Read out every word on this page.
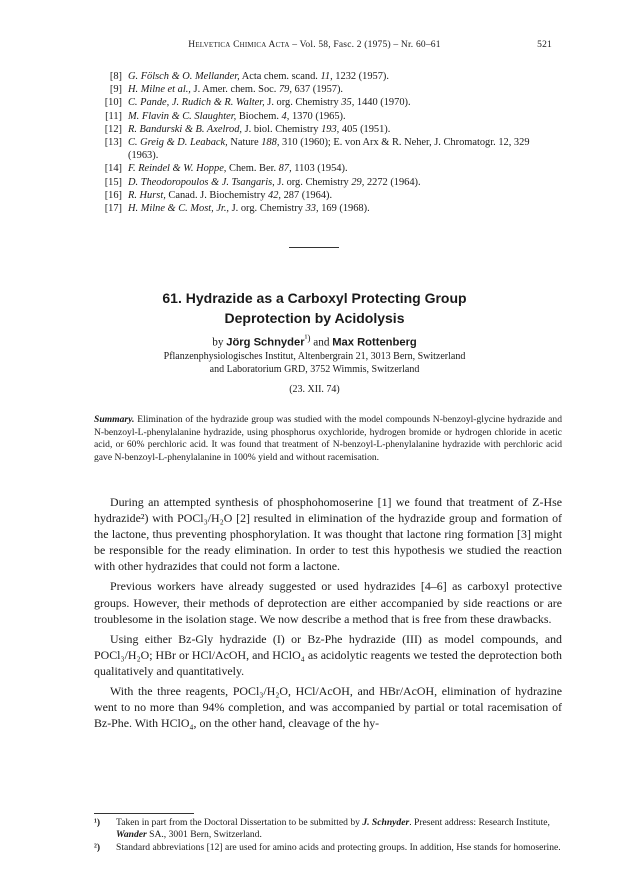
Helvetica Chimica Acta – Vol. 58, Fasc. 2 (1975) – Nr. 60–61	521
[8] G. Fölsch & O. Mellander, Acta chem. scand. 11, 1232 (1957).
[9] H. Milne et al., J. Amer. chem. Soc. 79, 637 (1957).
[10] C. Pande, J. Rudich & R. Walter, J. org. Chemistry 35, 1440 (1970).
[11] M. Flavin & C. Slaughter, Biochem. 4, 1370 (1965).
[12] R. Bandurski & B. Axelrod, J. biol. Chemistry 193, 405 (1951).
[13] C. Greig & D. Leaback, Nature 188, 310 (1960); E. von Arx & R. Neher, J. Chromatogr. 12, 329 (1963).
[14] F. Reindel & W. Hoppe, Chem. Ber. 87, 1103 (1954).
[15] D. Theodoropoulos & J. Tsangaris, J. org. Chemistry 29, 2272 (1964).
[16] R. Hurst, Canad. J. Biochemistry 42, 287 (1964).
[17] H. Milne & C. Most, Jr., J. org. Chemistry 33, 169 (1968).
61. Hydrazide as a Carboxyl Protecting Group
Deprotection by Acidolysis
by Jörg Schnyder$^{^1)}$ and Max Rottenberg
Pflanzenphysiologisches Institut, Altenbergrain 21, 3013 Bern, Switzerland
and Laboratorium GRD, 3752 Wimmis, Switzerland
(23. XII. 74)
Summary. Elimination of the hydrazide group was studied with the model compounds N-benzoyl-glycine hydrazide and N-benzoyl-L-phenylalanine hydrazide, using phosphorus oxychloride, hydrogen bromide or hydrogen chloride in acetic acid, or 60% perchloric acid. It was found that treatment of N-benzoyl-L-phenylalanine hydrazide with perchloric acid gave N-benzoyl-L-phenylalanine in 100% yield and without racemisation.

During an attempted synthesis of phosphohomoserine [1] we found that treatment of Z-Hse hydrazide²) with POCl₃/H₂O [2] resulted in elimination of the hydrazide group and formation of the lactone, thus preventing phosphorylation. It was thought that lactone ring formation [3] might be responsible for the ready elimination. In order to test this hypothesis we studied the reaction with other hydrazides that could not form a lactone.

Previous workers have already suggested or used hydrazides [4–6] as carboxyl protective groups. However, their methods of deprotection are either accompanied by side reactions or are troublesome in the isolation stage. We now describe a method that is free from these drawbacks.

Using either Bz-Gly hydrazide (I) or Bz-Phe hydrazide (III) as model compounds, and POCl₃/H₂O; HBr or HCl/AcOH, and HClO₄ as acidolytic reagents we tested the deprotection both qualitatively and quantitatively.

With the three reagents, POCl₃/H₂O, HCl/AcOH, and HBr/AcOH, elimination of hydrazine went to no more than 94% completion, and was accompanied by partial or total racemisation of Bz-Phe. With HClO₄, on the other hand, cleavage of the hy-

¹) Taken in part from the Doctoral Dissertation to be submitted by J. Schnyder. Present address: Research Institute, Wander SA., 3001 Bern, Switzerland.
²) Standard abbreviations [12] are used for amino acids and protecting groups. In addition, Hse stands for homoserine.
